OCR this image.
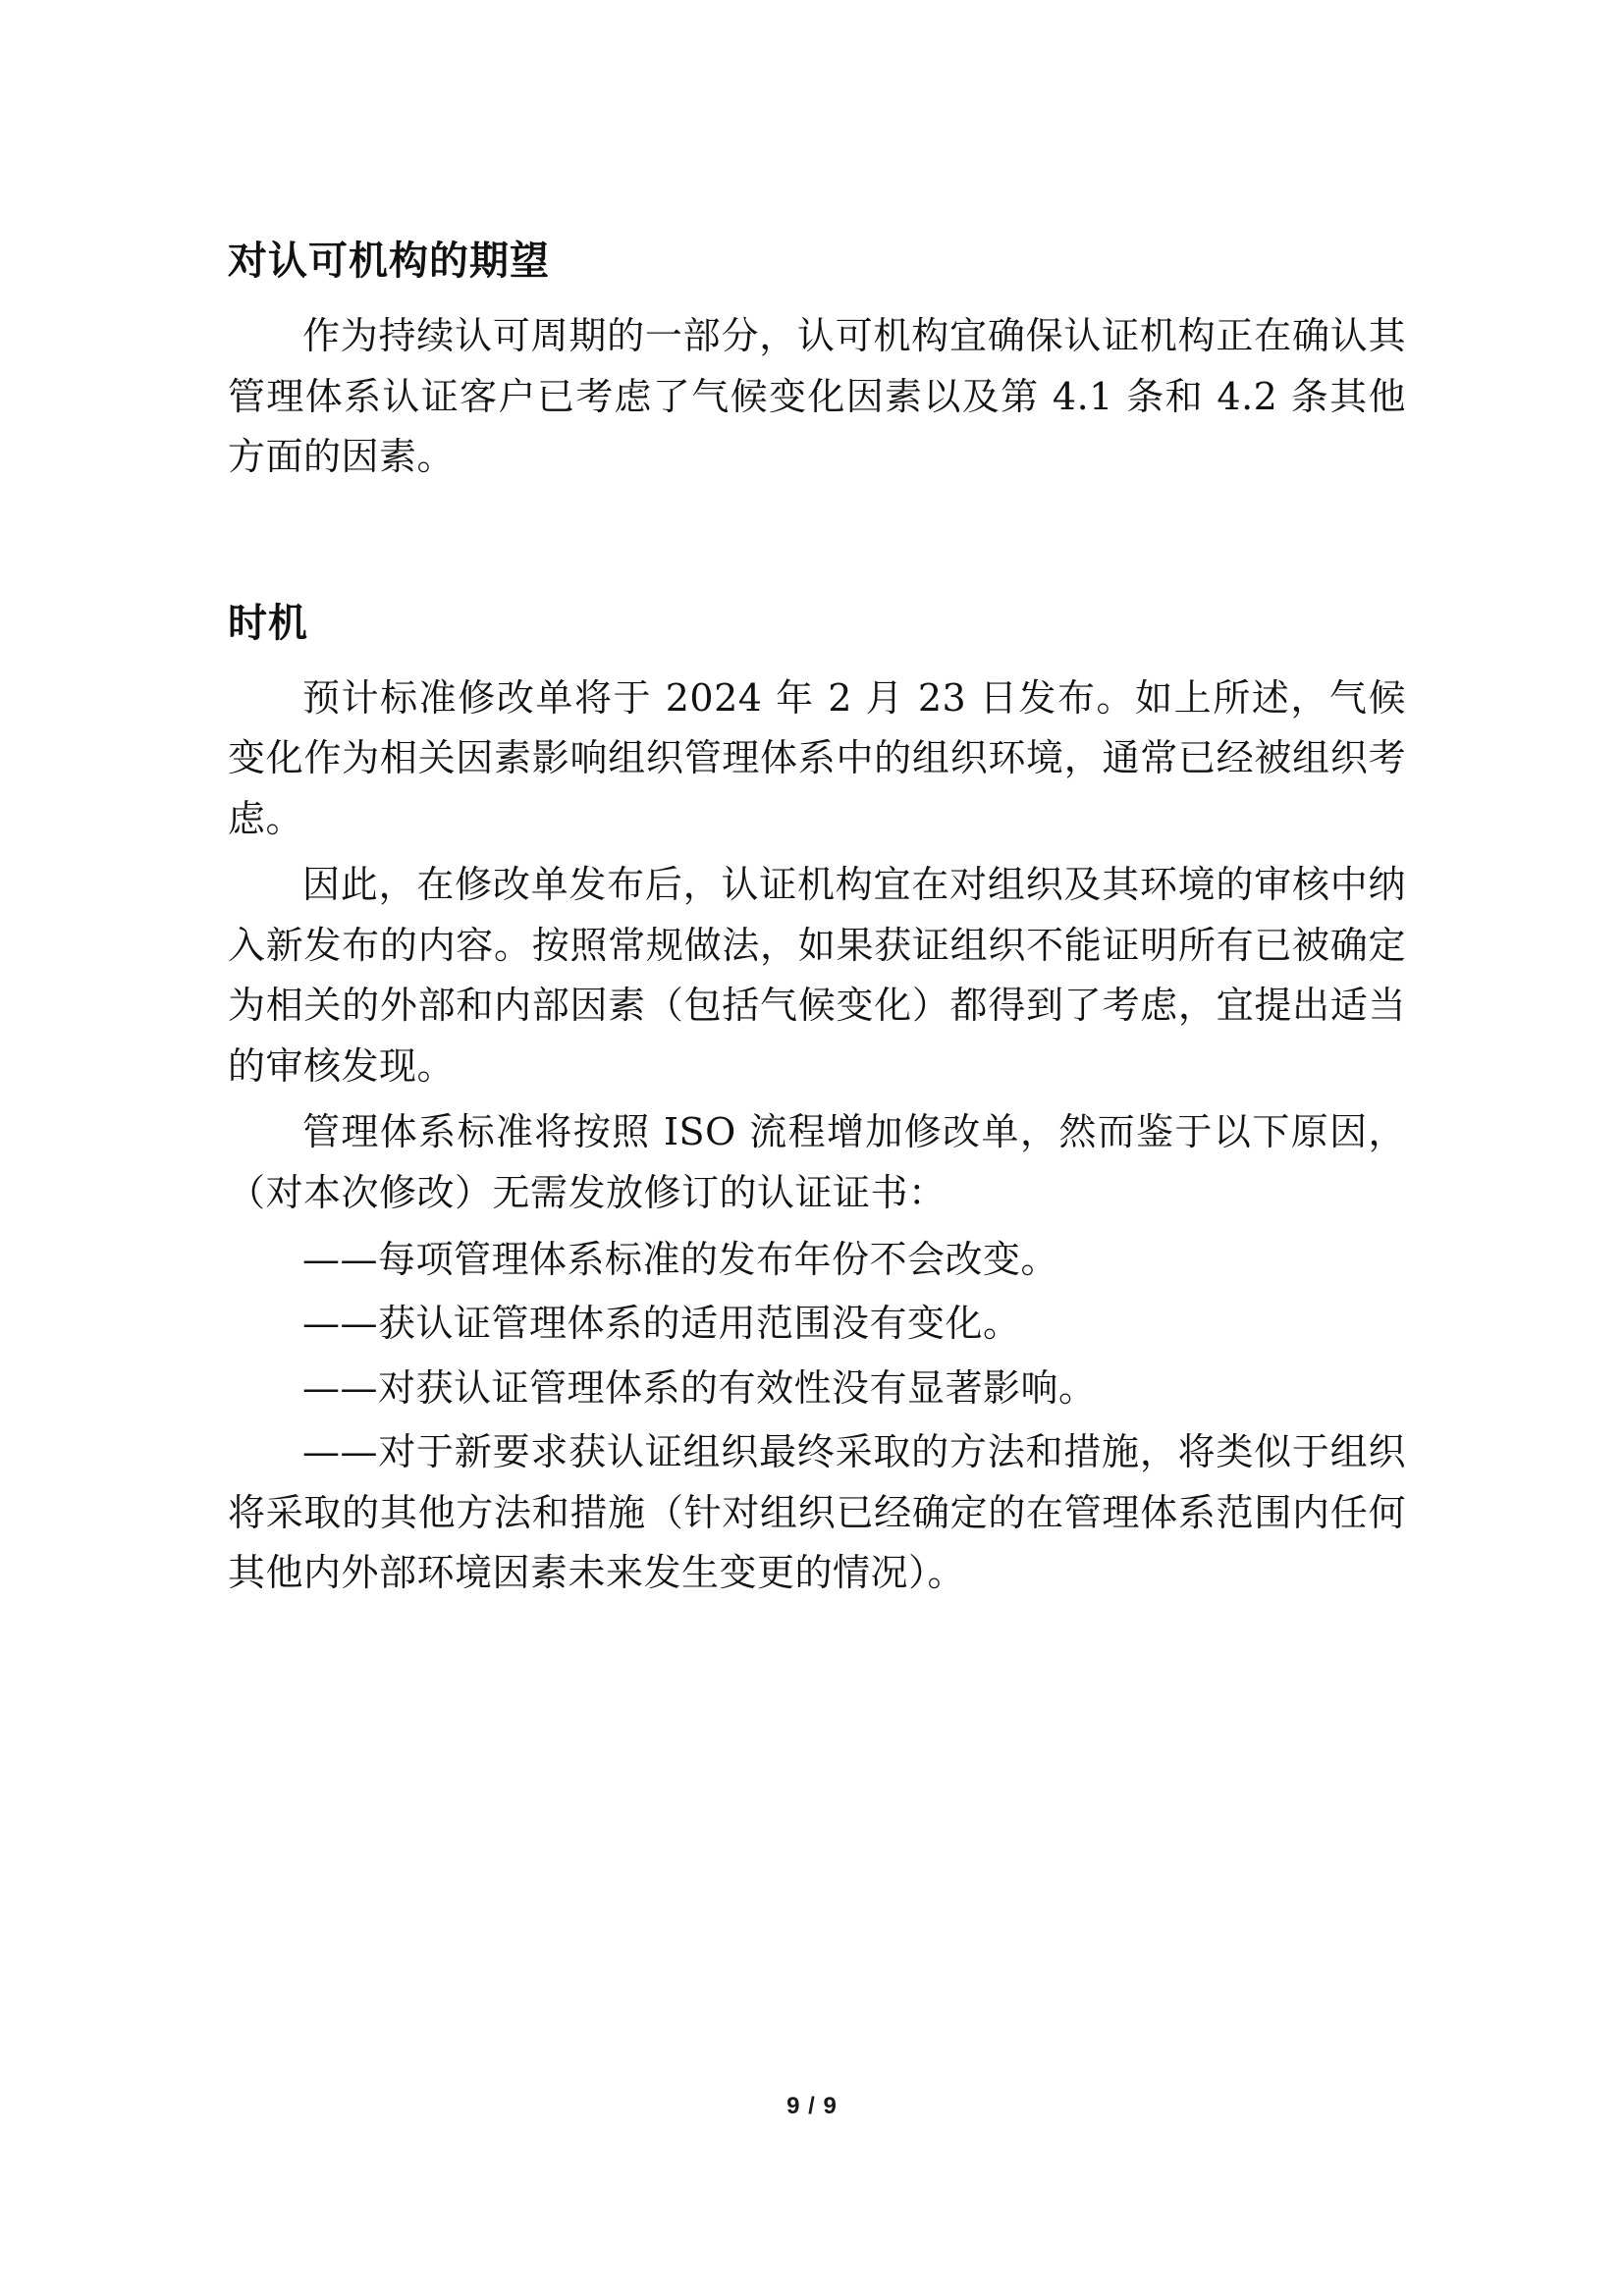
对认可机构的期望

作为持续认可周期的一部分，认可机构宜确保认证机构正在确认其管理体系认证客户已考虑了气候变化因素以及第 4.1 条和 4.2 条其他方面的因素。

时机

预计标准修改单将于 2024 年 2 月 23 日发布。如上所述，气候变化作为相关因素影响组织管理体系中的组织环境，通常已经被组织考虑。

因此，在修改单发布后，认证机构宜在对组织及其环境的审核中纳入新发布的内容。按照常规做法，如果获证组织不能证明所有已被确定为相关的外部和内部因素（包括气候变化）都得到了考虑，宜提出适当的审核发现。

管理体系标准将按照 ISO 流程增加修改单，然而鉴于以下原因，（对本次修改）无需发放修订的认证证书：

——每项管理体系标准的发布年份不会改变。

——获认证管理体系的适用范围没有变化。

——对获认证管理体系的有效性没有显著影响。

——对于新要求获认证组织最终采取的方法和措施，将类似于组织将采取的其他方法和措施（针对组织已经确定的在管理体系范围内任何其他内外部环境因素未来发生变更的情况）。

9 / 9
